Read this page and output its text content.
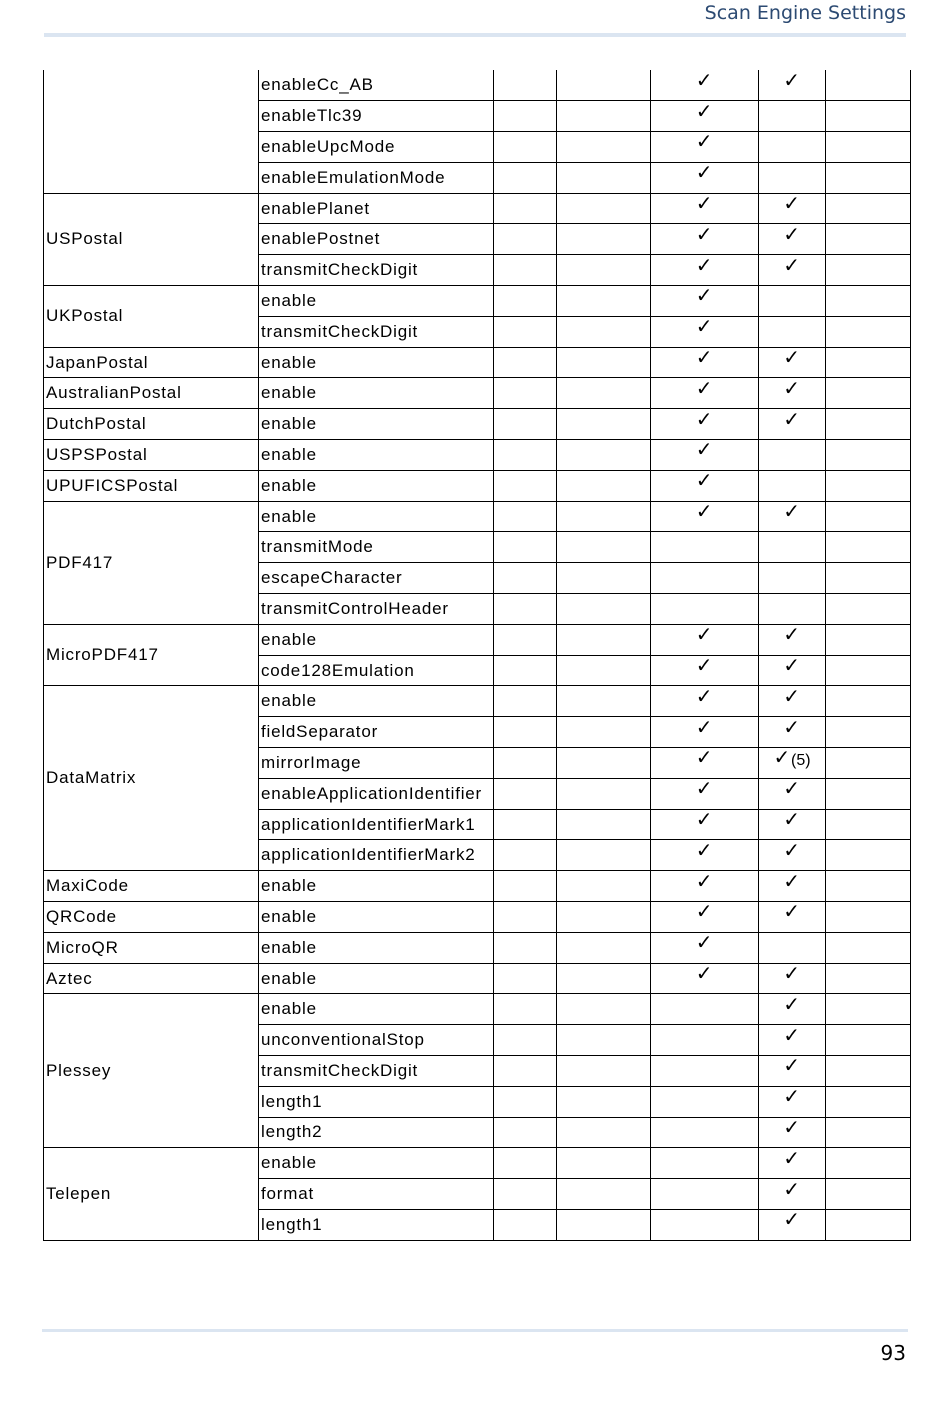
Scan Engine Settings
	enableCc_AB			✓	✓	
	enableTlc39			✓		
	enableUpcMode			✓		
	enableEmulationMode			✓		
USPostal	enablePlanet			✓	✓	
	enablePostnet			✓	✓	
	transmitCheckDigit			✓	✓	
UKPostal	enable			✓		
	transmitCheckDigit			✓		
JapanPostal	enable			✓	✓	
AustralianPostal	enable			✓	✓	
DutchPostal	enable			✓	✓	
USPSPostal	enable			✓		
UPUFICSPostal	enable			✓		
PDF417	enable			✓	✓	
	transmitMode					
	escapeCharacter					
	transmitControlHeader					
MicroPDF417	enable			✓	✓	
	code128Emulation			✓	✓	
DataMatrix	enable			✓	✓	
	fieldSeparator			✓	✓	
	mirrorImage			✓	✓(5)	
	enableApplicationIdentifier			✓	✓	
	applicationIdentifierMark1			✓	✓	
	applicationIdentifierMark2			✓	✓	
MaxiCode	enable			✓	✓	
QRCode	enable			✓	✓	
MicroQR	enable			✓		
Aztec	enable			✓	✓	
Plessey	enable				✓	
	unconventionalStop				✓	
	transmitCheckDigit				✓	
	length1				✓	
	length2				✓	
Telepen	enable				✓	
	format				✓	
	length1				✓	
93
